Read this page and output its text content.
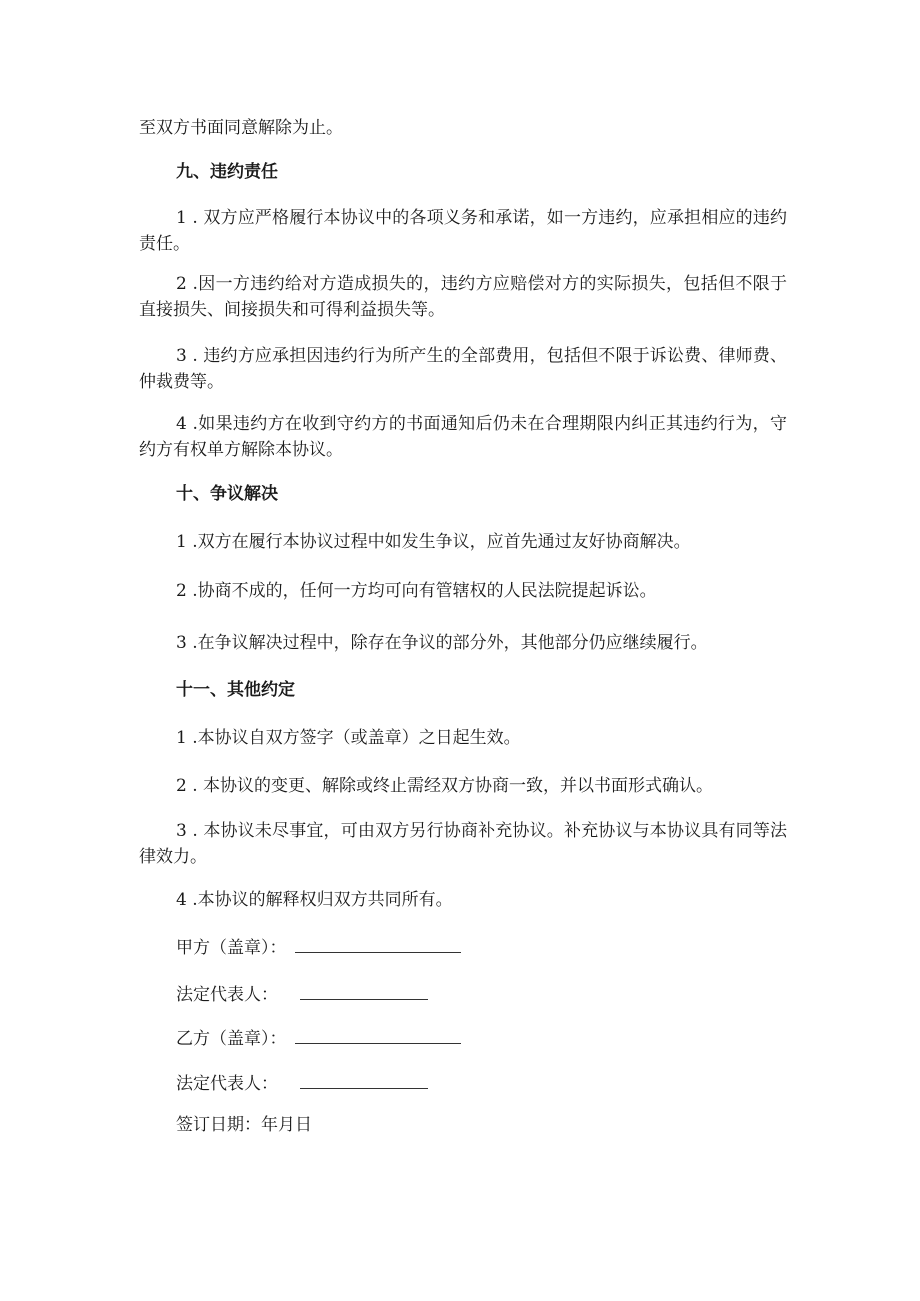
至双方书面同意解除为止。

九、违约责任

1 . 双方应严格履行本协议中的各项义务和承诺，如一方违约，应承担相应的违约责任。

2 .因一方违约给对方造成损失的，违约方应赔偿对方的实际损失，包括但不限于直接损失、间接损失和可得利益损失等。

3 . 违约方应承担因违约行为所产生的全部费用，包括但不限于诉讼费、律师费、仲裁费等。

4 .如果违约方在收到守约方的书面通知后仍未在合理期限内纠正其违约行为，守约方有权单方解除本协议。

十、争议解决

1 .双方在履行本协议过程中如发生争议，应首先通过友好协商解决。

2 .协商不成的，任何一方均可向有管辖权的人民法院提起诉讼。

3 .在争议解决过程中，除存在争议的部分外，其他部分仍应继续履行。

十一、其他约定

1 .本协议自双方签字（或盖章）之日起生效。

2 . 本协议的变更、解除或终止需经双方协商一致，并以书面形式确认。

3 . 本协议未尽事宜，可由双方另行协商补充协议。补充协议与本协议具有同等法律效力。

4 .本协议的解释权归双方共同所有。

甲方（盖章）：

法定代表人：

乙方（盖章）：

法定代表人：

签订日期：年月日
